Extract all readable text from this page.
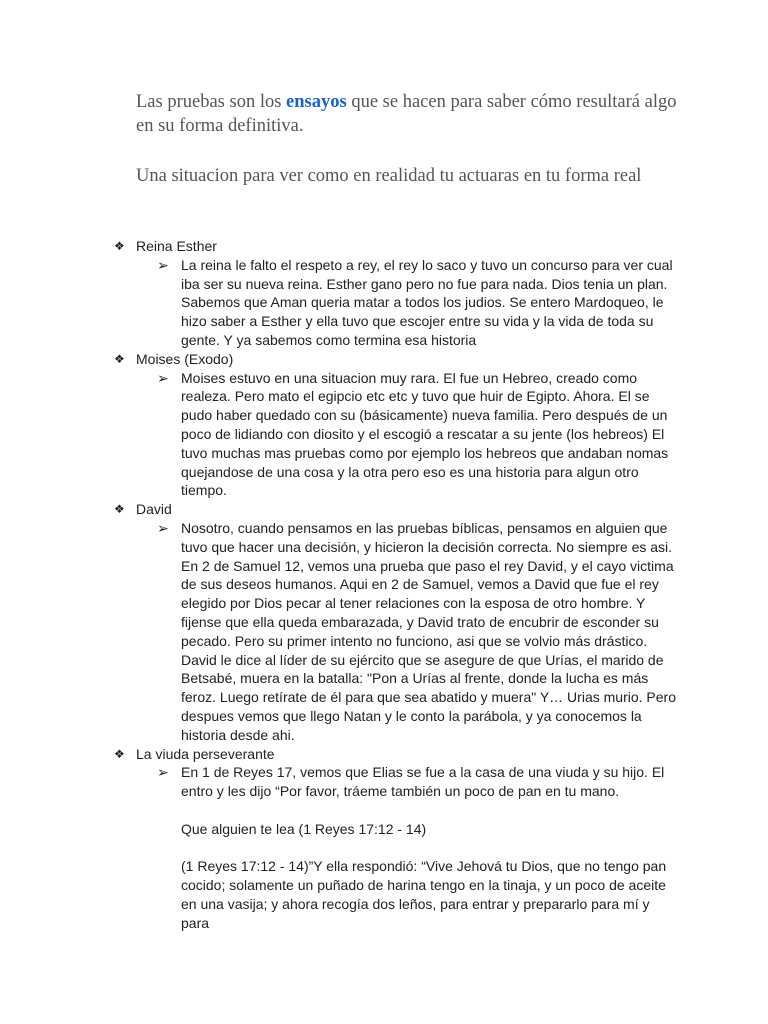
Las pruebas son los ensayos que se hacen para saber cómo resultará algo en su forma definitiva.

Una situacion para ver como en realidad tu actuaras en tu forma real

❖ Reina Esther
➢ La reina le falto el respeto a rey, el rey lo saco y tuvo un concurso para ver cual iba ser su nueva reina. Esther gano pero no fue para nada. Dios tenia un plan. Sabemos que Aman queria matar a todos los judios. Se entero Mardoqueo, le hizo saber a Esther y ella tuvo que escojer entre su vida y la vida de toda su gente. Y ya sabemos como termina esa historia

❖ Moises (Exodo)
➢ Moises estuvo en una situacion muy rara. El fue un Hebreo, creado como realeza. Pero mato el egipcio etc etc y tuvo que huir de Egipto. Ahora. El se pudo haber quedado con su (básicamente) nueva familia. Pero después de un poco de lidiando con diosito y el escogió a rescatar a su jente (los hebreos) El tuvo muchas mas pruebas como por ejemplo los hebreos que andaban nomas quejandose de una cosa y la otra pero eso es una historia para algun otro tiempo.

❖ David
➢ Nosotro, cuando pensamos en las pruebas bíblicas, pensamos en alguien que tuvo que hacer una decisión, y hicieron la decisión correcta. No siempre es asi. En 2 de Samuel 12, vemos una prueba que paso el rey David, y el cayo victima de sus deseos humanos. Aqui en 2 de Samuel, vemos a David que fue el rey elegido por Dios pecar al tener relaciones con la esposa de otro hombre. Y fijense que ella queda embarazada, y David trato de encubrir de esconder su pecado. Pero su primer intento no funciono, asi que se volvio más drástico. David le dice al líder de su ejército que se asegure de que Urías, el marido de Betsabé, muera en la batalla: "Pon a Urías al frente, donde la lucha es más feroz. Luego retírate de él para que sea abatido y muera" Y… Urias murio. Pero despues vemos que llego Natan y le conto la parábola, y ya conocemos la historia desde ahi.

❖ La viuda perseverante
➢ En 1 de Reyes 17, vemos que Elias se fue a la casa de una viuda y su hijo. El entro y les dijo “Por favor, tráeme también un poco de pan en tu mano.

Que alguien te lea (1 Reyes 17:12 - 14)

(1 Reyes 17:12 - 14)”Y ella respondió: “Vive Jehová tu Dios, que no tengo pan cocido; solamente un puñado de harina tengo en la tinaja, y un poco de aceite en una vasija; y ahora recogía dos leños, para entrar y prepararlo para mí y para
